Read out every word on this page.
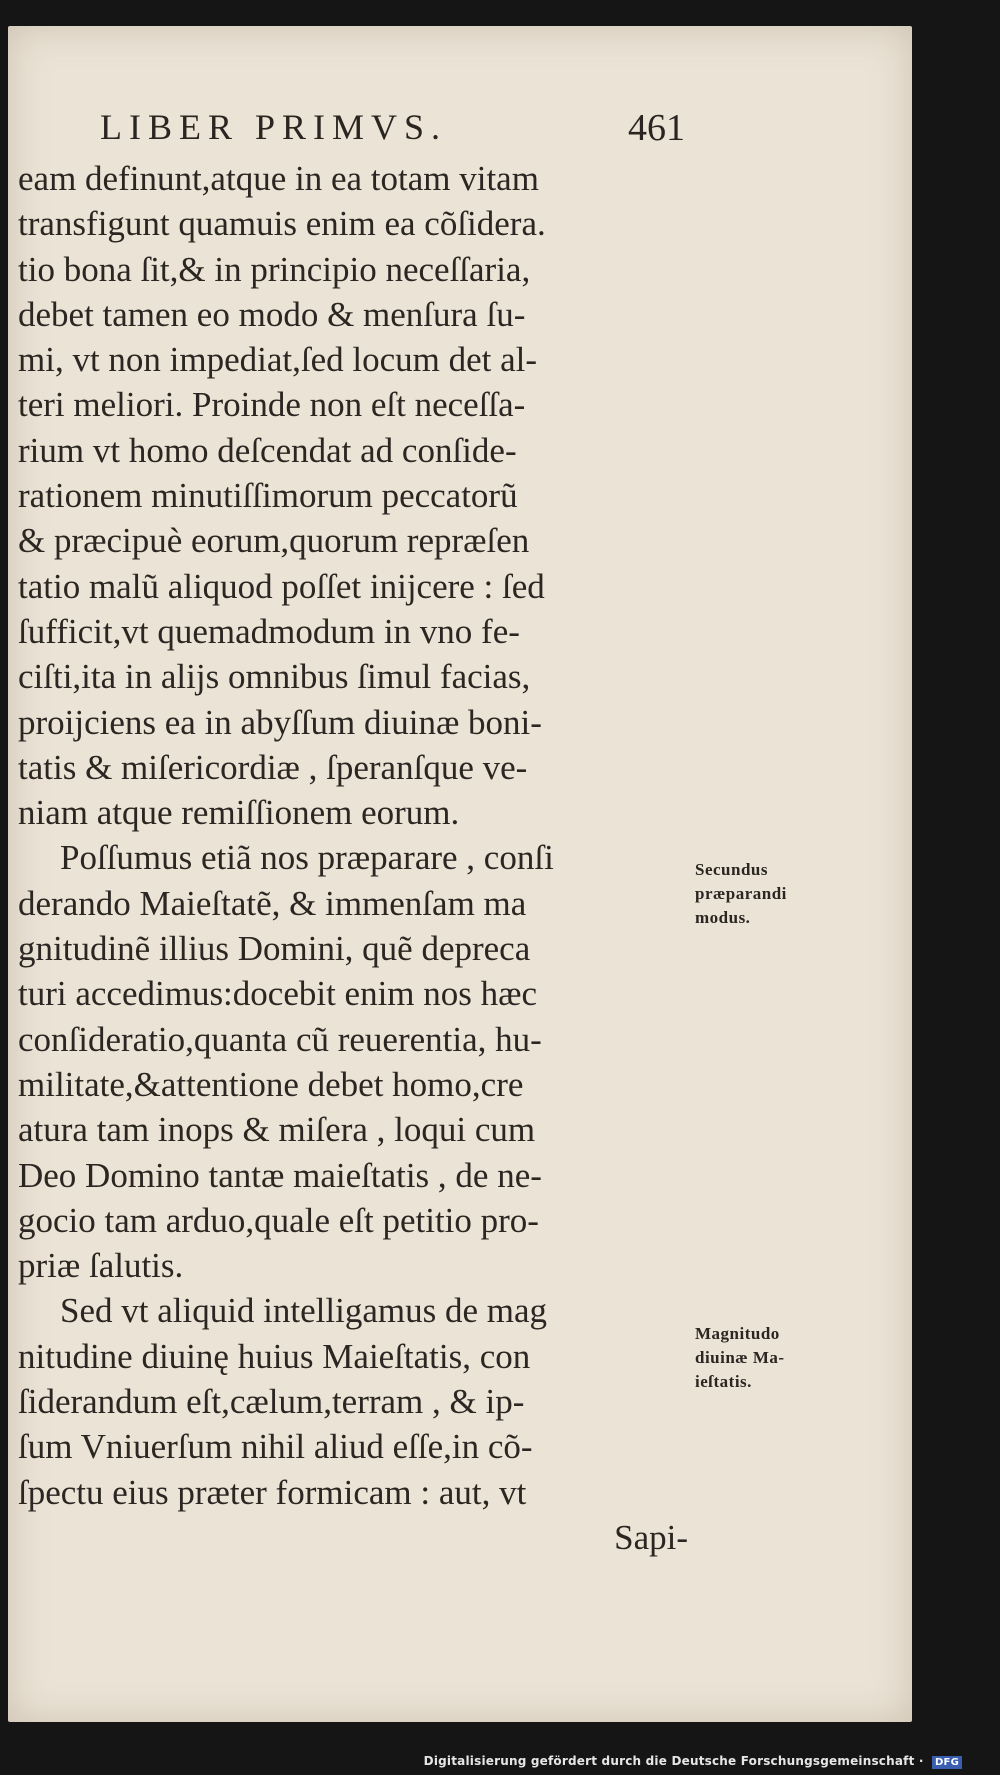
LIBER PRIMVS.	461

eam definunt,atque in ea totam vitam
transfigunt quamuis enim ea cõſidera.
tio bona ſit,& in principio neceſſaria,
debet tamen eo modo & menſura ſu-
mi, vt non impediat,ſed locum det al-
teri meliori. Proinde non eſt neceſſa-
rium vt homo deſcendat ad conſide-
rationem minutiſſimorum peccatorũ
& præcipuè eorum,quorum repræſen
tatio malũ aliquod poſſet inijcere : ſed
ſufficit,vt quemadmodum in vno fe-
ciſti,ita in alijs omnibus ſimul facias,
proijciens ea in abyſſum diuinæ boni-
tatis & miſericordiæ , ſperanſque ve-
niam atque remiſſionem eorum.
Poſſumus etiã nos præparare , conſi
derando Maieſtatẽ, & immenſam ma
gnitudinẽ illius Domini, quẽ depreca
turi accedimus:docebit enim nos hæc
conſideratio,quanta cũ reuerentia, hu-
militate,&attentione debet homo,cre
atura tam inops & miſera , loqui cum
Deo Domino tantæ maieſtatis , de ne-
gocio tam arduo,quale eſt petitio pro-
priæ ſalutis.
Sed vt aliquid intelligamus de mag
nitudine diuinę huius Maieſtatis, con
ſiderandum eſt,cælum,terram , & ip-
ſum Vniuerſum nihil aliud eſſe,in cõ-
ſpectu eius præter formicam : aut, vt
Sapi-
Secundus
præparandi
modus.
Magnitudo
diuinæ Ma-
ieſtatis.
Digitalisierung gefördert durch die Deutsche Forschungsgemeinschaft · DFG
